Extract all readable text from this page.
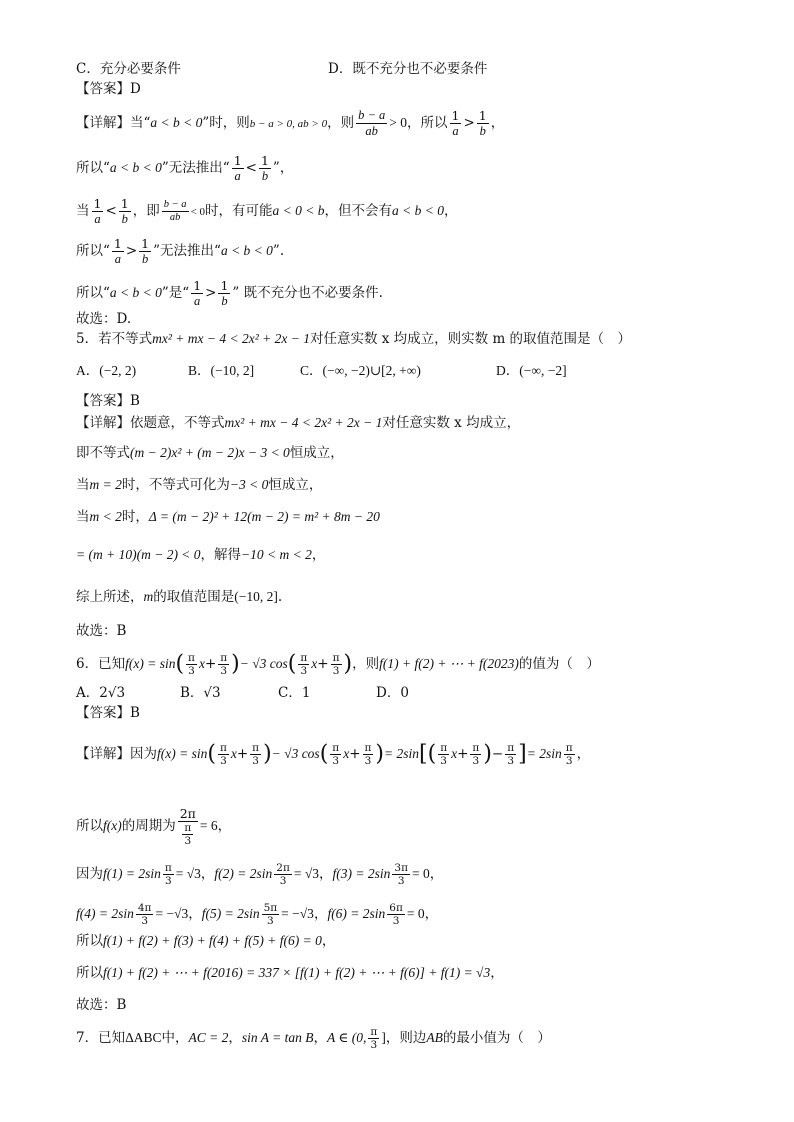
C．充分必要条件	D．既不充分也不必要条件
【答案】D
【详解】当“a < b < 0”时，则b − a > 0, ab > 0，则 $\frac{b - a}{ab} > 0$，所以 $\frac{1}{a} > \frac{1}{b}$ ，
所以“a < b < 0”无法推出“ $\frac{1}{a} < \frac{1}{b}$ ”，
当 $\frac{1}{a} < \frac{1}{b}$ ，即 $\frac{b - a}{ab} < 0$时，有可能a < 0 < b，但不会有a < b < 0，
所以“ $\frac{1}{a} > \frac{1}{b}$ ”无法推出“a < b < 0”.
所以“a < b < 0”是“ $\frac{1}{a} > \frac{1}{b}$ ” 既不充分也不必要条件.
故选：D.
5．若不等式mx² + mx − 4 < 2x² + 2x − 1对任意实数 x 均成立，则实数 m 的取值范围是（　）
A．(−2, 2)	B．(−10, 2]	C．(−∞, −2)∪[2, +∞)	D．(−∞, −2]
【答案】B
【详解】依题意，不等式mx² + mx − 4 < 2x² + 2x − 1对任意实数 x 均成立，
即不等式(m − 2)x² + (m − 2)x − 3 < 0恒成立，
当m = 2时，不等式可化为−3 < 0恒成立，
当m < 2时，Δ = (m − 2)² + 12(m − 2) = m² + 8m − 20
= (m + 10)(m − 2) < 0，解得−10 < m < 2，
综上所述，m的取值范围是(−10, 2].
故选：B
6．已知$f(x) = \sin( \frac{\pi}{3} x+ \frac{\pi}{3}$ )− √3 $\cos( \frac{\pi}{3} x+ \frac{\pi}{3}$ )，则f(1) + f(2) + ⋯ + f(2023)的值为（　）
A．2√3	B．√3	C．1	D．0
【答案】B
【详解】因为$f(x) = \sin( \frac{\pi}{3} x+ \frac{\pi}{3}$ )− √3 $\cos( \frac{\pi}{3} x+ \frac{\pi}{3}$ )= $2\sin[( \frac{\pi}{3} x+ \frac{\pi}{3}$ )− $\frac{\pi}{3}$ ]= $2\sin \frac{\pi}{3}$ ，
所以f(x)的周期为 $\frac{2\pi}{\frac{\pi}{3}} = 6$，
因为$f(1) = 2\sin \frac{\pi}{3} = √3$，$f(2) = 2\sin \frac{2\pi}{3} = √3$，$f(3) = 2\sin \frac{3\pi}{3} = 0$，
$f(4) = 2\sin \frac{4\pi}{3} = -√3$，$f(5) = 2\sin \frac{5\pi}{3} = -√3$，$f(6) = 2\sin \frac{6\pi}{3} = 0$，
所以f(1) + f(2) + f(3) + f(4) + f(5) + f(6) = 0，
所以f(1) + f(2) + ⋯ + f(2016) = 337 × [f(1) + f(2) + ⋯ + f(6)] + f(1) = √3，
故选：B
7．已知ΔABC中，AC = 2，sin A = tan B，A ∈ (0, $\frac{\pi}{3}$ ]，则边AB的最小值为（　）
